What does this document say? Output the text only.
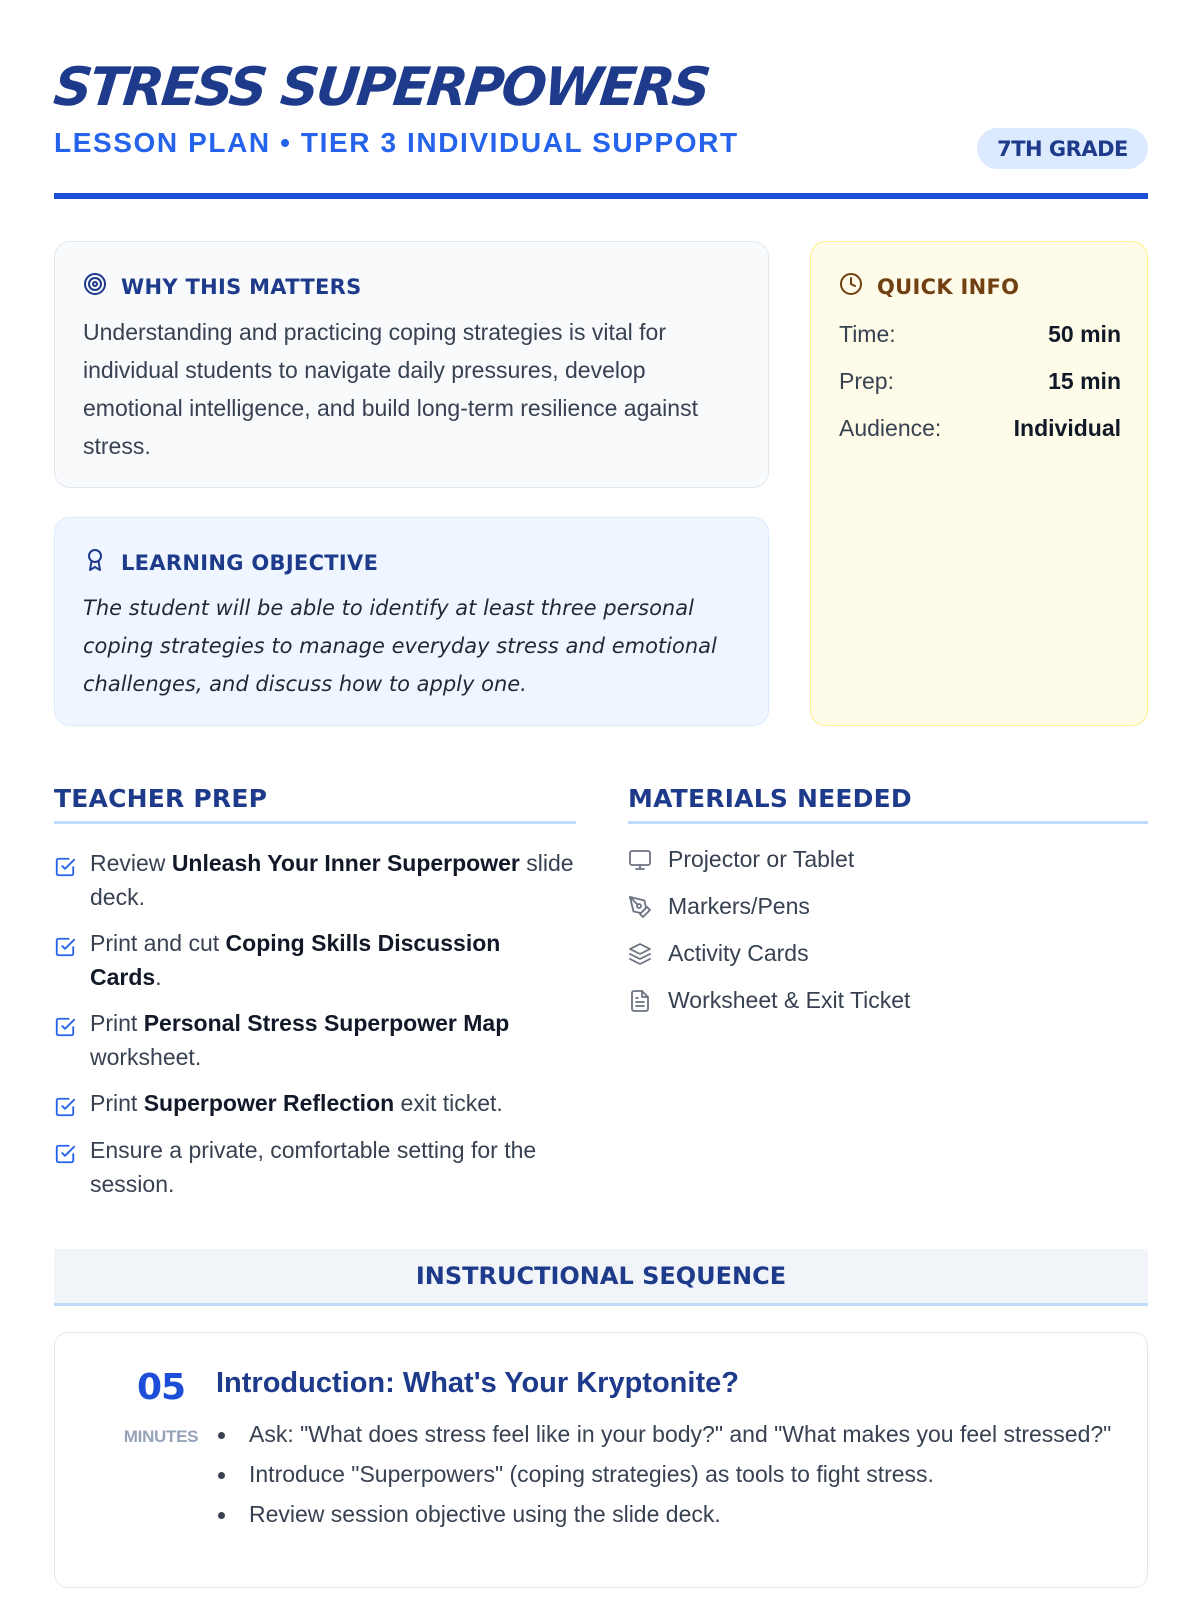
STRESS SUPERPOWERS
LESSON PLAN • TIER 3 INDIVIDUAL SUPPORT	7TH GRADE
WHY THIS MATTERS
Understanding and practicing coping strategies is vital for individual students to navigate daily pressures, develop emotional intelligence, and build long-term resilience against stress.
LEARNING OBJECTIVE
The student will be able to identify at least three personal coping strategies to manage everyday stress and emotional challenges, and discuss how to apply one.
QUICK INFO
Time:	50 min
Prep:	15 min
Audience:	Individual
TEACHER PREP
Review Unleash Your Inner Superpower slide deck.
Print and cut Coping Skills Discussion Cards.
Print Personal Stress Superpower Map worksheet.
Print Superpower Reflection exit ticket.
Ensure a private, comfortable setting for the session.
MATERIALS NEEDED
Projector or Tablet
Markers/Pens
Activity Cards
Worksheet & Exit Ticket
INSTRUCTIONAL SEQUENCE
05
MINUTES
Introduction: What's Your Kryptonite?
Ask: "What does stress feel like in your body?" and "What makes you feel stressed?"
Introduce "Superpowers" (coping strategies) as tools to fight stress.
Review session objective using the slide deck.
